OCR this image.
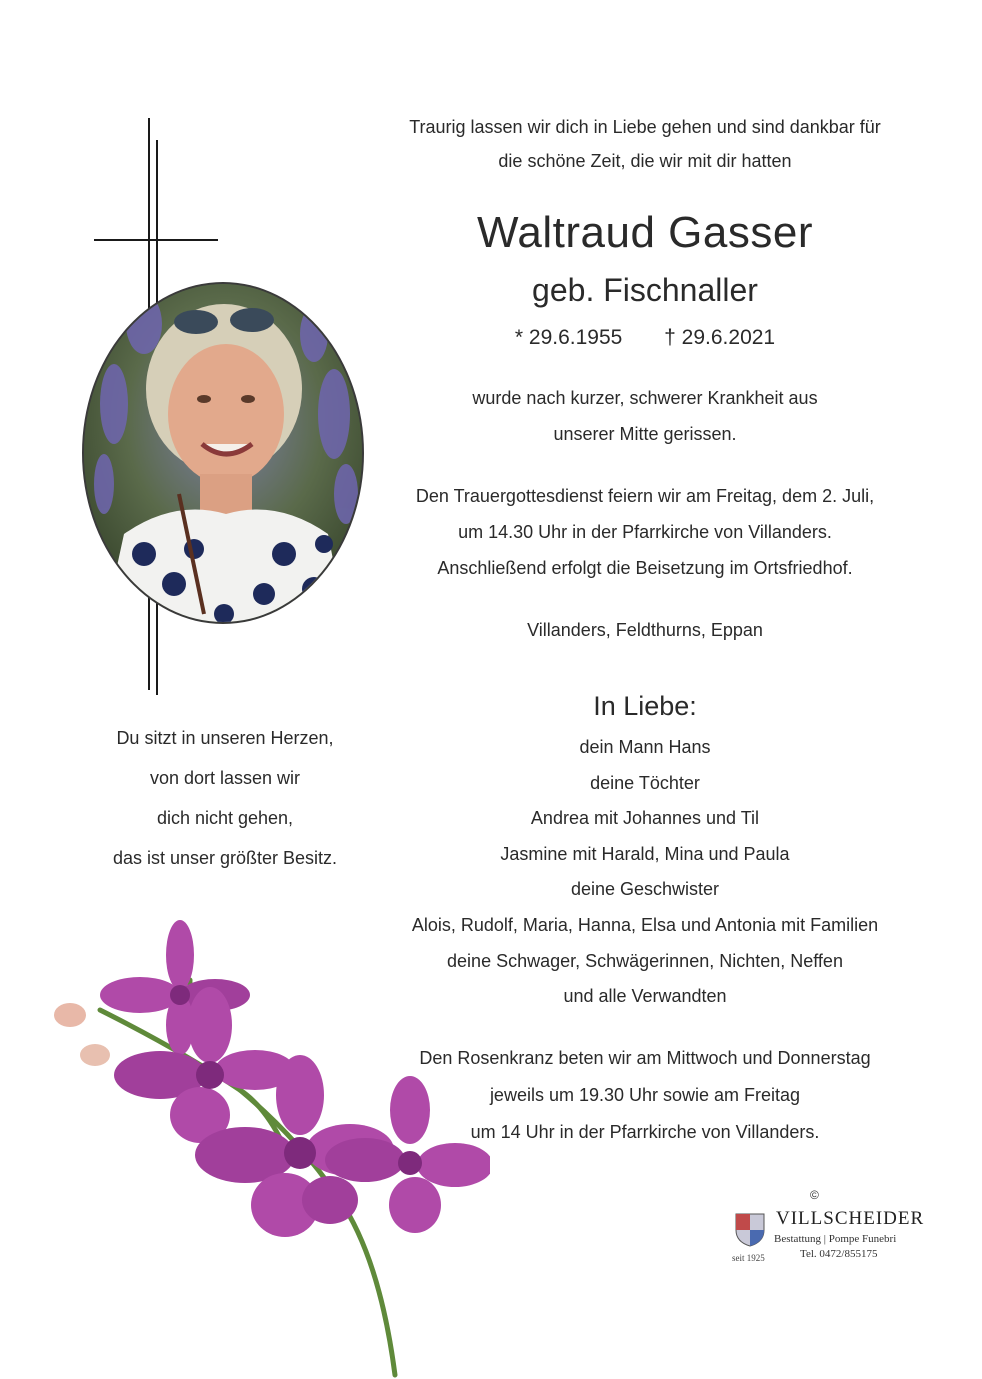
Traurig lassen wir dich in Liebe gehen und sind dankbar für
die schöne Zeit, die wir mit dir hatten
Waltraud Gasser
geb. Fischnaller
* 29.6.1955 † 29.6.2021
wurde nach kurzer, schwerer Krankheit aus
unserer Mitte gerissen.
Den Trauergottesdienst feiern wir am Freitag, dem 2. Juli,
um 14.30 Uhr in der Pfarrkirche von Villanders.
Anschließend erfolgt die Beisetzung im Ortsfriedhof.
Villanders, Feldthurns, Eppan
In Liebe:
dein Mann Hans
deine Töchter
Andrea mit Johannes und Til
Jasmine mit Harald, Mina und Paula
deine Geschwister
Alois, Rudolf, Maria, Hanna, Elsa und Antonia mit Familien
deine Schwager, Schwägerinnen, Nichten, Neffen
und alle Verwandten
Den Rosenkranz beten wir am Mittwoch und Donnerstag
jeweils um 19.30 Uhr sowie am Freitag
um 14 Uhr in der Pfarrkirche von Villanders.
Du sitzt in unseren Herzen,
von dort lassen wir
dich nicht gehen,
das ist unser größter Besitz.
©
VILLSCHEIDER
Bestattung | Pompe Funebri
seit 1925	Tel. 0472/855175
